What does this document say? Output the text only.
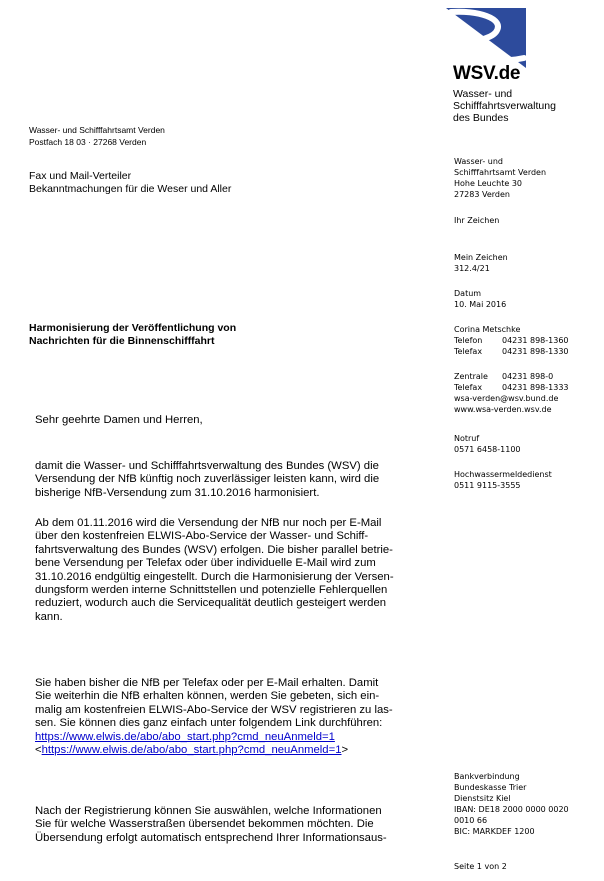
WSV.de
Wasser- und
Schifffahrtsverwaltung
des Bundes
Wasser- und Schifffahrtsamt Verden
Postfach 18 03 · 27268 Verden
Fax und Mail-Verteiler
Bekanntmachungen für die Weser und Aller
Harmonisierung der Veröffentlichung von
Nachrichten für die Binnenschifffahrt
Wasser- und
Schifffahrtsamt Verden
Hohe Leuchte 30
27283 Verden
Ihr Zeichen
Mein Zeichen
312.4/21
Datum
10. Mai 2016
Corina Metschke
Telefon	04231 898-1360
Telefax	04231 898-1330
Zentrale	04231 898-0
Telefax	04231 898-1333
wsa-verden@wsv.bund.de
www.wsa-verden.wsv.de
Notruf
0571 6458-1100
Hochwassermeldedienst
0511 9115-3555
Bankverbindung
Bundeskasse Trier
Dienstsitz Kiel
IBAN: DE18 2000 0000 0020
0010 66
BIC: MARKDEF 1200
Sehr geehrte Damen und Herren,
damit die Wasser- und Schifffahrtsverwaltung des Bundes (WSV) die
Versendung der NfB künftig noch zuverlässiger leisten kann, wird die
bisherige NfB-Versendung zum 31.10.2016 harmonisiert.
Ab dem 01.11.2016 wird die Versendung der NfB nur noch per E-Mail
über den kostenfreien ELWIS-Abo-Service der Wasser- und Schiff-
fahrtsverwaltung des Bundes (WSV) erfolgen. Die bisher parallel betrie-
bene Versendung per Telefax oder über individuelle E-Mail wird zum
31.10.2016 endgültig eingestellt. Durch die Harmonisierung der Versen-
dungsform werden interne Schnittstellen und potenzielle Fehlerquellen
reduziert, wodurch auch die Servicequalität deutlich gesteigert werden
kann.
Sie haben bisher die NfB per Telefax oder per E-Mail erhalten. Damit
Sie weiterhin die NfB erhalten können, werden Sie gebeten, sich ein-
malig am kostenfreien ELWIS-Abo-Service der WSV registrieren zu las-
sen. Sie können dies ganz einfach unter folgendem Link durchführen:
https://www.elwis.de/abo/abo_start.php?cmd_neuAnmeld=1
<https://www.elwis.de/abo/abo_start.php?cmd_neuAnmeld=1>
Nach der Registrierung können Sie auswählen, welche Informationen
Sie für welche Wasserstraßen übersendet bekommen möchten. Die
Übersendung erfolgt automatisch entsprechend Ihrer Informationsaus-
Seite 1 von 2
